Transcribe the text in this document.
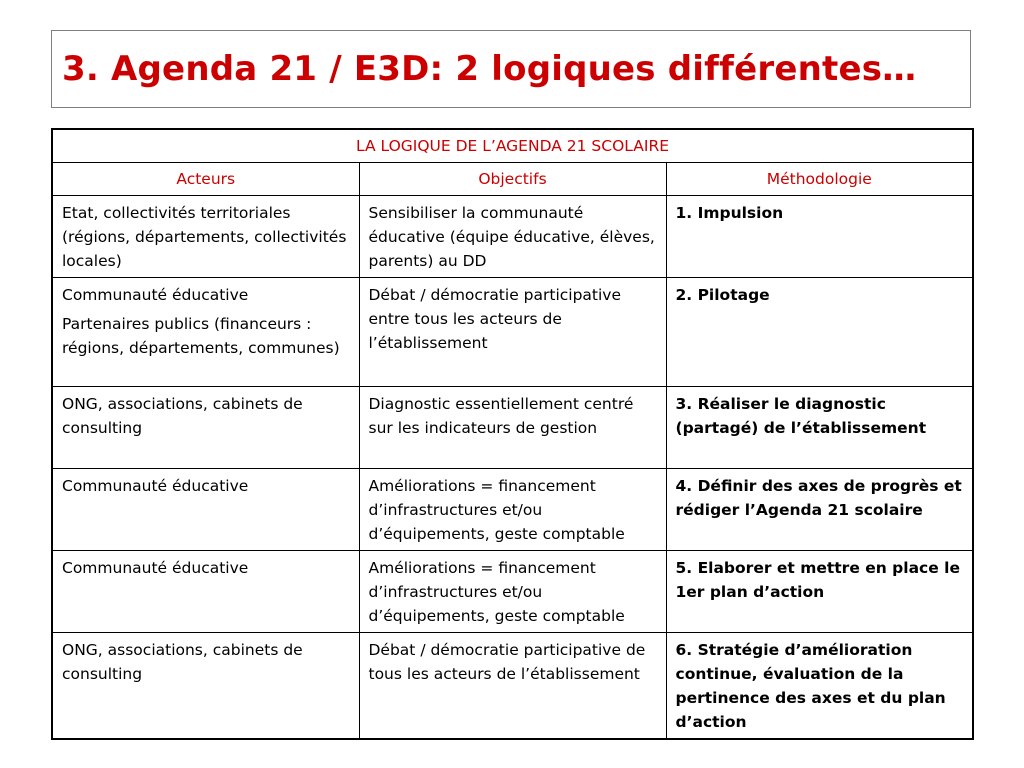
3. Agenda 21 / E3D: 2 logiques différentes…
LA LOGIQUE DE L’AGENDA 21 SCOLAIRE		
Acteurs	Objectifs	Méthodologie

Etat, collectivités territoriales (régions, départements, collectivités locales)	Sensibiliser la communauté éducative (équipe éducative, élèves, parents) au DD	1. Impulsion

Communauté éducative
Partenaires publics (financeurs : régions, départements, communes)	Débat / démocratie participative entre tous les acteurs de l’établissement	2. Pilotage

ONG, associations, cabinets de consulting	Diagnostic essentiellement centré sur les indicateurs de gestion	3. Réaliser le diagnostic (partagé) de l’établissement

Communauté éducative	Améliorations = financement d’infrastructures et/ou d’équipements, geste comptable	4. Définir des axes de progrès et rédiger l’Agenda 21 scolaire

Communauté éducative	Améliorations = financement d’infrastructures et/ou d’équipements, geste comptable	5. Elaborer et mettre en place le 1er plan d’action

ONG, associations, cabinets de consulting	Débat / démocratie participative de tous les acteurs de l’établissement	6. Stratégie d’amélioration continue, évaluation de la pertinence des axes et du plan d’action
